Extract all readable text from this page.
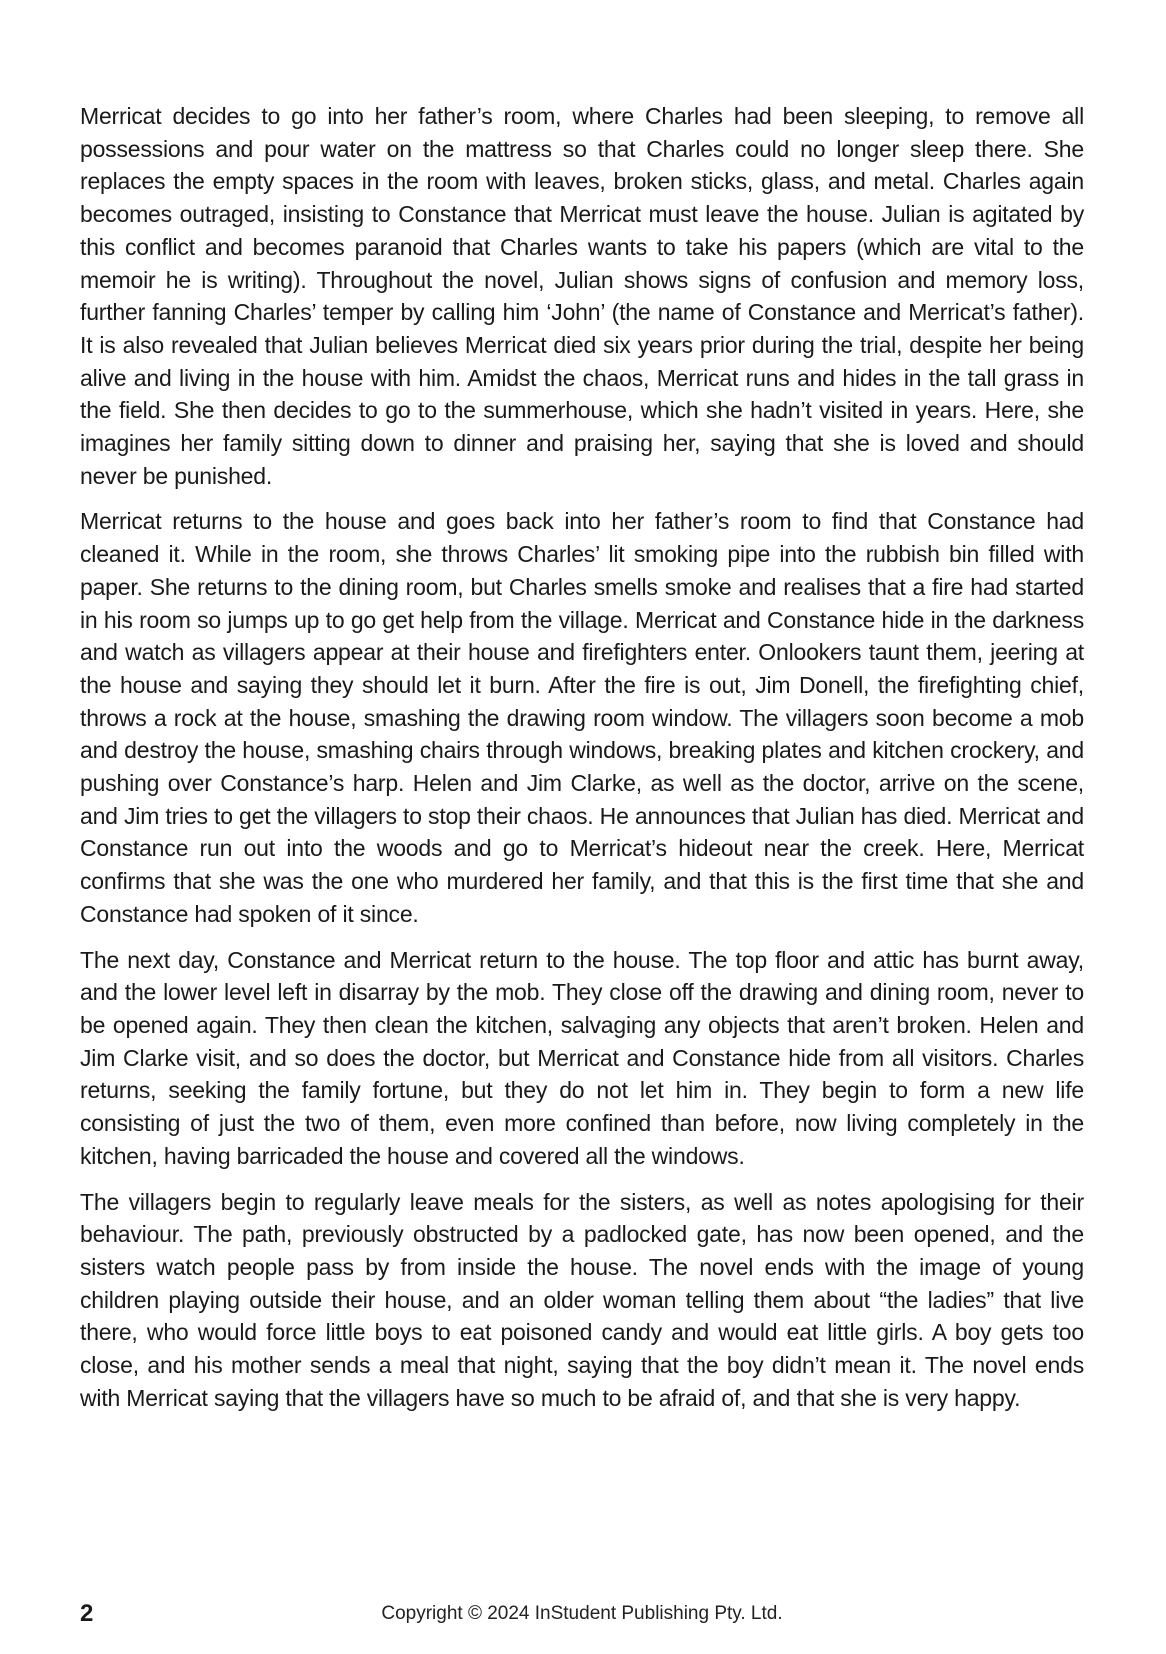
Merricat decides to go into her father’s room, where Charles had been sleeping, to remove all possessions and pour water on the mattress so that Charles could no longer sleep there. She replaces the empty spaces in the room with leaves, broken sticks, glass, and metal. Charles again becomes outraged, insisting to Constance that Merricat must leave the house. Julian is agitated by this conflict and becomes paranoid that Charles wants to take his papers (which are vital to the memoir he is writing). Throughout the novel, Julian shows signs of confusion and memory loss, further fanning Charles’ temper by calling him ‘John’ (the name of Constance and Merricat’s father). It is also revealed that Julian believes Merricat died six years prior during the trial, despite her being alive and living in the house with him. Amidst the chaos, Merricat runs and hides in the tall grass in the field. She then decides to go to the summerhouse, which she hadn’t visited in years. Here, she imagines her family sitting down to dinner and praising her, saying that she is loved and should never be punished.

Merricat returns to the house and goes back into her father’s room to find that Constance had cleaned it. While in the room, she throws Charles’ lit smoking pipe into the rubbish bin filled with paper. She returns to the dining room, but Charles smells smoke and realises that a fire had started in his room so jumps up to go get help from the village. Merricat and Constance hide in the darkness and watch as villagers appear at their house and firefighters enter. Onlookers taunt them, jeering at the house and saying they should let it burn. After the fire is out, Jim Donell, the firefighting chief, throws a rock at the house, smashing the drawing room window. The villagers soon become a mob and destroy the house, smashing chairs through windows, breaking plates and kitchen crockery, and pushing over Constance’s harp. Helen and Jim Clarke, as well as the doctor, arrive on the scene, and Jim tries to get the villagers to stop their chaos. He announces that Julian has died. Merricat and Constance run out into the woods and go to Merricat’s hideout near the creek. Here, Merricat confirms that she was the one who murdered her family, and that this is the first time that she and Constance had spoken of it since.

The next day, Constance and Merricat return to the house. The top floor and attic has burnt away, and the lower level left in disarray by the mob. They close off the drawing and dining room, never to be opened again. They then clean the kitchen, salvaging any objects that aren’t broken. Helen and Jim Clarke visit, and so does the doctor, but Merricat and Constance hide from all visitors. Charles returns, seeking the family fortune, but they do not let him in. They begin to form a new life consisting of just the two of them, even more confined than before, now living completely in the kitchen, having barricaded the house and covered all the windows.

The villagers begin to regularly leave meals for the sisters, as well as notes apologising for their behaviour. The path, previously obstructed by a padlocked gate, has now been opened, and the sisters watch people pass by from inside the house. The novel ends with the image of young children playing outside their house, and an older woman telling them about “the ladies” that live there, who would force little boys to eat poisoned candy and would eat little girls. A boy gets too close, and his mother sends a meal that night, saying that the boy didn’t mean it. The novel ends with Merricat saying that the villagers have so much to be afraid of, and that she is very happy.

2	Copyright © 2024 InStudent Publishing Pty. Ltd.
